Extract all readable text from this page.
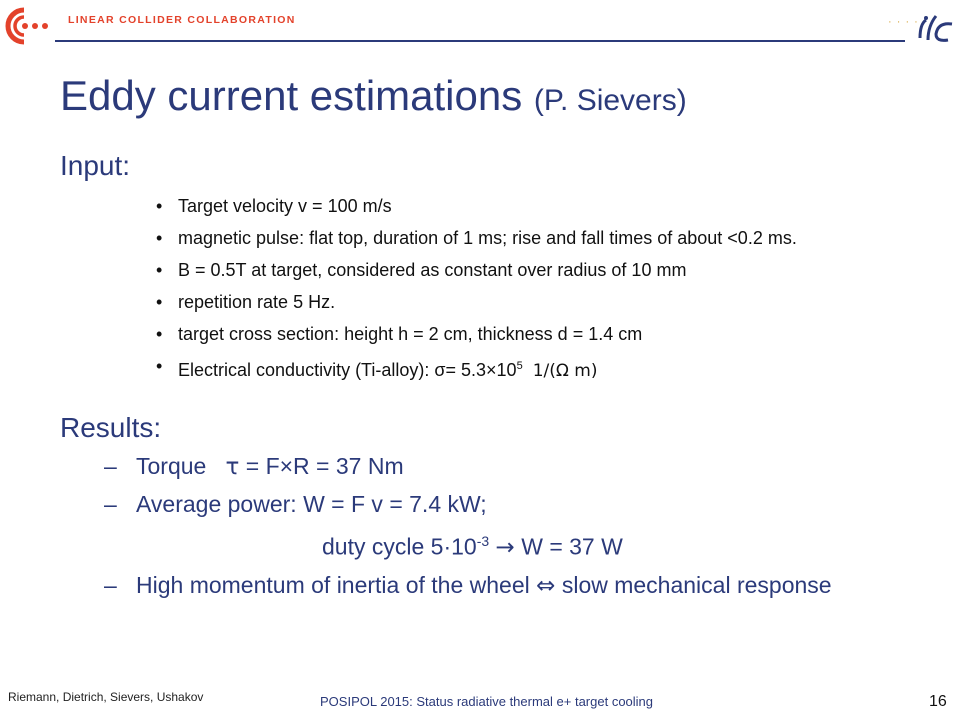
LINEAR COLLIDER COLLABORATION	· · · ·
Eddy current estimations (P. Sievers)
Input:
• Target velocity v = 100 m/s
• magnetic pulse: flat top, duration of 1 ms; rise and fall times of about <0.2 ms.
• B = 0.5T at target, considered as constant over radius of 10 mm
• repetition rate 5 Hz.
• target cross section: height h = 2 cm, thickness d = 1.4 cm
• Electrical conductivity (Ti-alloy): $\sigma= 5.3\times 10^5$ 1/(Ω m)
Results:
– Torque τ = F×R = 37 Nm
– Average power: W = F v = 7.4 kW;
duty cycle $5\cdot 10^{-3} \to W = 37$ W
– High momentum of inertia of the wheel ⇔ slow mechanical response
Riemann, Dietrich, Sievers, Ushakov	POSIPOL 2015: Status radiative thermal e+ target cooling	16
